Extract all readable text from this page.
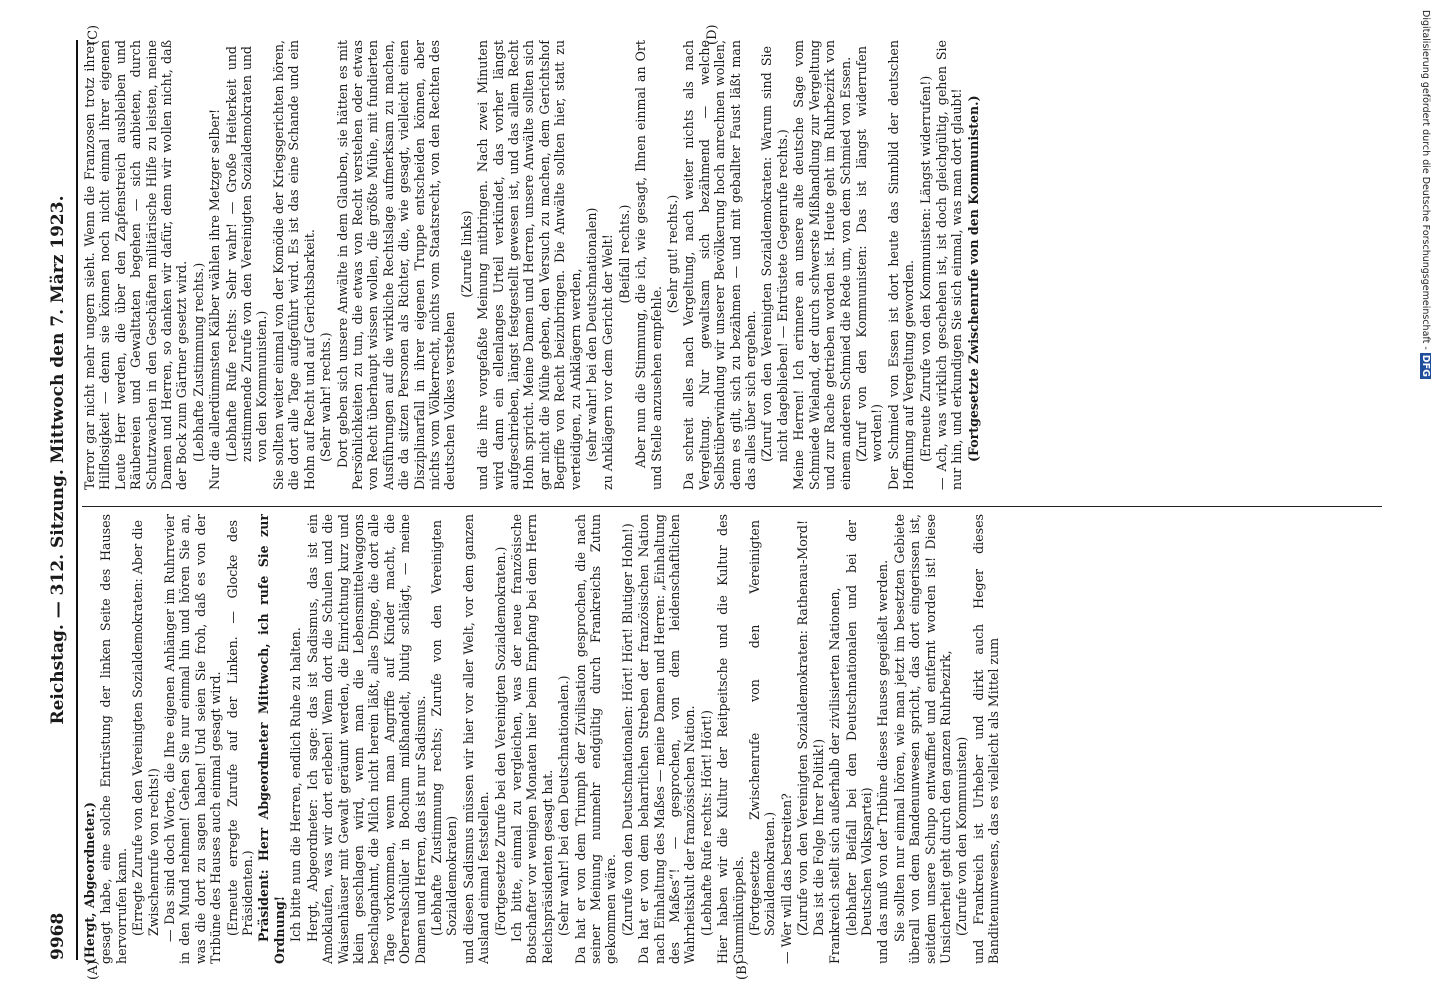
9968
Reichstag. — 312. Sitzung. Mittwoch den 7. März 1923.
(A)	(B)
(C)	(D)

(Hergt, Abgeordneter.) gesagt habe, eine solche Entrüstung der linken Seite des Hauses hervorrufen kann. (Erregte Zurufe von den Vereinigten Sozialdemokraten: Aber die Zwischenrufe von rechts!) — Das sind doch Worte, die Ihre eigenen Anhänger im Ruhrrevier in den Mund nehmen! Gehen Sie nur einmal hin und hören Sie an, was die dort zu sagen haben! Und seien Sie froh, daß es von der Tribüne des Hauses auch einmal gesagt wird. (Erneute erregte Zurufe auf der Linken. — Glocke des Präsidenten.) Präsident: Herr Abgeordneter Mittwoch, ich rufe Sie zur Ordnung! Ich bitte nun die Herren, endlich Ruhe zu halten. Hergt, Abgeordneter: Ich sage: das ist Sadismus, das ist ein Amoklaufen, was wir dort erleben! Wenn dort die Schulen und die Waisenhäuser mit Gewalt geräumt werden, die Einrichtung kurz und klein geschlagen wird, wenn man die Lebensmittelwaggons beschlagnahmt, die Milch nicht herein läßt, alles Dinge, die dort alle Tage vorkommen, wenn man Angriffe auf Kinder macht, die Oberrealschüler in Bochum mißhandelt, blutig schlägt, — meine Damen und Herren, das ist nur Sadismus. (Lebhafte Zustimmung rechts; Zurufe von den Vereinigten Sozialdemokraten) und diesen Sadismus müssen wir hier vor aller Welt, vor dem ganzen Ausland einmal feststellen. (Fortgesetzte Zurufe bei den Vereinigten Sozialdemokraten.) Ich bitte, einmal zu vergleichen, was der neue französische Botschafter vor wenigen Monaten hier beim Empfang bei dem Herrn Reichspräsidenten gesagt hat. (Sehr wahr! bei den Deutschnationalen.) Da hat er von dem Triumph der Zivilisation gesprochen, die nach seiner Meinung nunmehr endgültig durch Frankreichs Zutun gekommen wäre. (Zurufe von den Deutschnationalen: Hört! Hört! Blutiger Hohn!) Da hat er von dem beharrlichen Streben der französischen Nation nach Einhaltung des Maßes — meine Damen und Herren: „Einhaltung des Maßes“! — gesprochen, von dem leidenschaftlichen Wahrheitskult der französischen Nation. (Lebhafte Rufe rechts: Hört! Hört!) Hier haben wir die Kultur der Reitpeitsche und die Kultur des Gummiknüppels. (Fortgesetzte Zwischenrufe von den Vereinigten Sozialdemokraten.) — Wer will das bestreiten? (Zurufe von den Vereinigten Sozialdemokraten: Rathenau-Mord! Das ist die Folge Ihrer Politik!) Frankreich stellt sich außerhalb der zivilisierten Nationen, (lebhafter Beifall bei den Deutschnationalen und bei der Deutschen Volkspartei) und das muß von der Tribüne dieses Hauses gegeißelt werden. Sie sollten nur einmal hören, wie man jetzt im besetzten Gebiete überall von dem Bandenunwesen spricht, das dort eingerissen ist, seitdem unsere Schupo entwaffnet und entfernt worden ist! Diese Unsicherheit geht durch den ganzen Ruhrbezirk, (Zurufe von den Kommunisten) und Frankreich ist Urheber und dirkt auch Heger dieses Banditenunwesens, das es vielleicht als Mittel zum

Terror gar nicht mehr ungern sieht. Wenn die Franzosen trotz ihrer Hilflosigkeit — denn sie können noch nicht einmal ihrer eigenen Leute Herr werden, die über den Zapfenstreich ausbleiben und Räubereien und Gewalttaten begehen — sich anbieten, durch Schutzwachen in den Geschäften militärische Hilfe zu leisten, meine Damen und Herren, so danken wir dafür, denn wir wollen nicht, daß der Bock zum Gärtner gesetzt wird. (Lebhafte Zustimmung rechts.) Nur die allerdümmsten Kälber wählen ihre Metzger selber! (Lebhafte Rufe rechts: Sehr wahr! — Große Heiterkeit und zustimmende Zurufe von den Vereinigten Sozialdemokraten und von den Kommunisten.) Sie sollten weiter einmal von der Komödie der Kriegsgerichten hören, die dort alle Tage aufgeführt wird. Es ist das eine Schande und ein Hohn auf Recht und auf Gerichtsbarkeit. (Sehr wahr! rechts.) Dort geben sich unsere Anwälte in dem Glauben, sie hätten es mit Persönlichkeiten zu tun, die etwas von Recht verstehen oder etwas von Recht überhaupt wissen wollen, die größte Mühe, mit fundierten Ausführungen auf die wirkliche Rechtslage aufmerksam zu machen, die da sitzen Personen als Richter, die, wie gesagt, vielleicht einen Disziplinarfall in ihrer eigenen Truppe entscheiden können, aber nichts vom Völkerrecht, nichts vom Staatsrecht, von den Rechten des deutschen Volkes verstehen

(Zurufe links) und die ihre vorgefaßte Meinung mitbringen. Nach zwei Minuten wird dann ein ellenlanges Urteil verkündet, das vorher längst aufgeschrieben, längst festgestellt gewesen ist, und das allem Recht Hohn spricht. Meine Damen und Herren, unsere Anwälte sollten sich gar nicht die Mühe geben, den Versuch zu machen, dem Gerichtshof Begriffe von Recht beizubringen. Die Anwälte sollten hier, statt zu verteidigen, zu Anklägern werden, (sehr wahr! bei den Deutschnationalen) zu Anklägern vor dem Gericht der Welt! (Beifall rechts.) Aber nun die Stimmung, die ich, wie gesagt, Ihnen einmal an Ort und Stelle anzusehen empfehle.

(Sehr gut! rechts.) Da schreit alles nach Vergeltung, nach weiter nichts als nach Vergeltung. Nur gewaltsam sich bezähmend — welche Selbstüberwindung wir unserer Bevölkerung hoch anrechnen wollen, denn es gilt, sich zu bezähmen — und mit geballter Faust läßt man das alles über sich ergehen. (Zuruf von den Vereinigten Sozialdemokraten: Warum sind Sie nicht dageblieben! — Entrüstete Gegenrufe rechts.) Meine Herren! Ich erinnere an unsere alte deutsche Sage vom Schmiede Wieland, der durch schwerste Mißhandlung zur Vergeltung und zur Rache getrieben worden ist. Heute geht im Ruhrbezirk von einem anderen Schmied die Rede um, von dem Schmied von Essen. (Zuruf von den Kommunisten: Das ist längst widerrufen worden!) Der Schmied von Essen ist dort heute das Sinnbild der deutschen Hoffnung auf Vergeltung geworden. (Erneute Zurufe von den Kommunisten: Längst widerrufen!) — Ach, was wirklich geschehen ist, ist doch gleichgültig, gehen Sie nur hin, und erkundigen Sie sich einmal, was man dort glaubt! (Fortgesetzte Zwischenrufe von den Kommunisten.)	Digitalisierung gefördert durch die Deutsche Forschungsgemeinschaft - DFG
